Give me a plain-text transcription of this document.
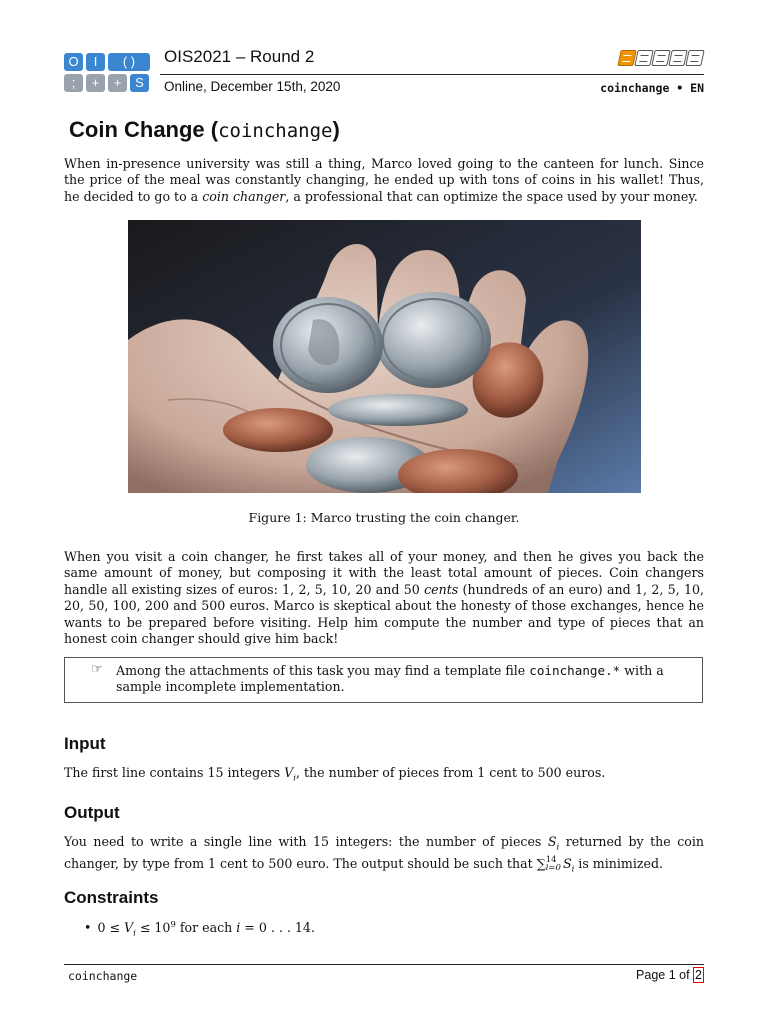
O	I	( )
;	+	+	S
OIS2021 – Round 2
Online, December 15th, 2020	coinchange • EN
Coin Change (coinchange)
When in-presence university was still a thing, Marco loved going to the canteen for lunch. Since the price of the meal was constantly changing, he ended up with tons of coins in his wallet! Thus, he decided to go to a coin changer, a professional that can optimize the space used by your money.
Figure 1: Marco trusting the coin changer.
When you visit a coin changer, he first takes all of your money, and then he gives you back the same amount of money, but composing it with the least total amount of pieces. Coin changers handle all existing sizes of euros: 1, 2, 5, 10, 20 and 50 cents (hundreds of an euro) and 1, 2, 5, 10, 20, 50, 100, 200 and 500 euros. Marco is skeptical about the honesty of those exchanges, hence he wants to be prepared before visiting. Help him compute the number and type of pieces that an honest coin changer should give him back!
☞ Among the attachments of this task you may find a template file coinchange.* with a sample incomplete implementation.
Input
The first line contains 15 integers $V_i$, the number of pieces from 1 cent to 500 euros.
Output
You need to write a single line with 15 integers: the number of pieces $S_i$ returned by the coin changer, by type from 1 cent to 500 euro. The output should be such that ∑14
i=0 $S_i$ is minimized.
Constraints
• $0 \le V_i \le 10^9$ for each i = 0 . . . 14.
coinchange	Page 1 of 2
